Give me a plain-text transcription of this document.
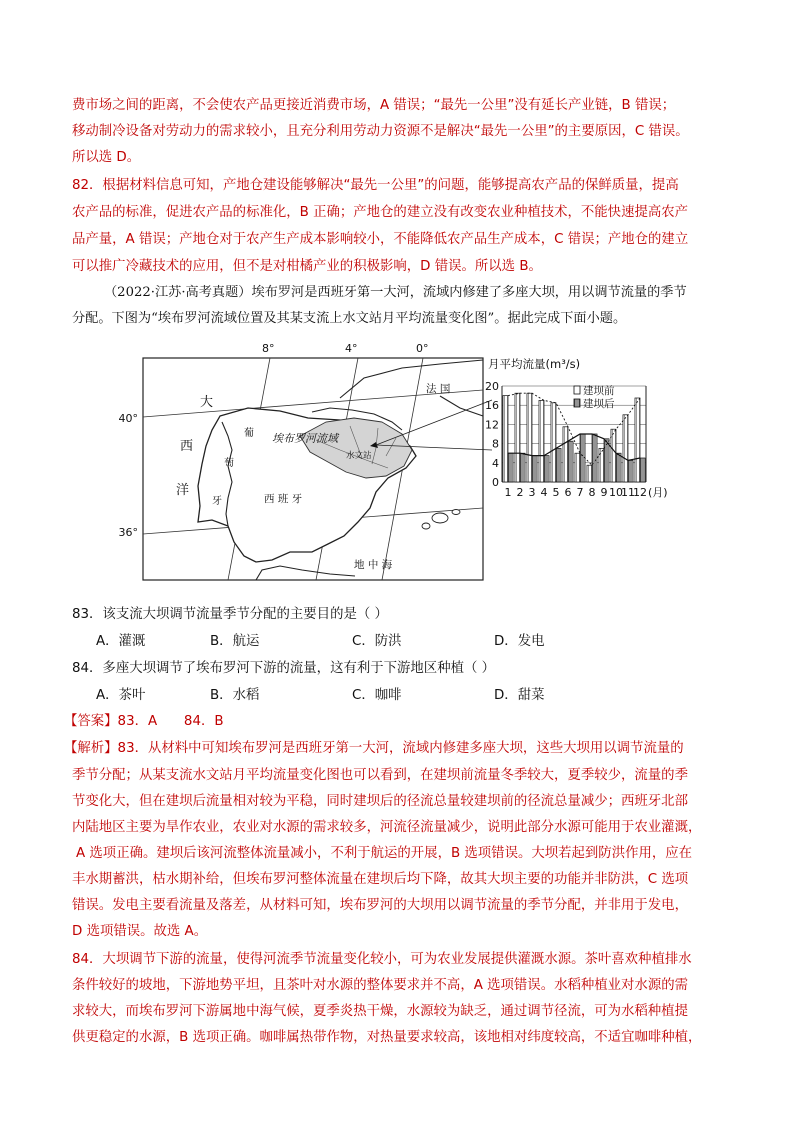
费市场之间的距离，不会使农产品更接近消费市场，A 错误；“最先一公里”没有延长产业链，B 错误；
移动制冷设备对劳动力的需求较小，且充分利用劳动力资源不是解决“最先一公里”的主要原因，C 错误。
所以选 D。
82．根据材料信息可知，产地仓建设能够解决“最先一公里”的问题，能够提高农产品的保鲜质量，提高
农产品的标准，促进农产品的标准化，B 正确；产地仓的建立没有改变农业种植技术，不能快速提高农产
品产量，A 错误；产地仓对于农产生产成本影响较小，不能降低农产品生产成本，C 错误；产地仓的建立
可以推广冷藏技术的应用，但不是对柑橘产业的积极影响，D 错误。所以选 B。
（2022·江苏·高考真题）埃布罗河是西班牙第一大河，流域内修建了多座大坝，用以调节流量的季节
分配。下图为“埃布罗河流域位置及其某支流上水文站月平均流量变化图”。据此完成下面小题。
8°	4°	0°
40°
36°
大
西
洋
葡
萄
牙	西 班 牙
法 国
埃布罗河流域
水文站
地 中 海
月平均流量(m³/s)
0
4
8
12
16
20
1 2 3 4 5 6 7 8 9 10
11
12 (月)
建坝前
建坝后
83．该支流大坝调节流量季节分配的主要目的是（ ）
A．灌溉	B．航运	C．防洪	D．发电
84．多座大坝调节了埃布罗河下游的流量，这有利于下游地区种植（ ）
A．茶叶	B．水稻	C．咖啡	D．甜菜
【答案】83．A　　84．B
【解析】83．从材料中可知埃布罗河是西班牙第一大河，流域内修建多座大坝，这些大坝用以调节流量的
季节分配；从某支流水文站月平均流量变化图也可以看到，在建坝前流量冬季较大，夏季较少，流量的季
节变化大，但在建坝后流量相对较为平稳，同时建坝后的径流总量较建坝前的径流总量减少；西班牙北部
内陆地区主要为旱作农业，农业对水源的需求较多，河流径流量减少，说明此部分水源可能用于农业灌溉，
A 选项正确。建坝后该河流整体流量减小，不利于航运的开展，B 选项错误。大坝若起到防洪作用，应在
丰水期蓄洪，枯水期补给，但埃布罗河整体流量在建坝后均下降，故其大坝主要的功能并非防洪，C 选项
错误。发电主要看流量及落差，从材料可知，埃布罗河的大坝用以调节流量的季节分配，并非用于发电，
D 选项错误。故选 A。
84．大坝调节下游的流量，使得河流季节流量变化较小，可为农业发展提供灌溉水源。茶叶喜欢种植排水
条件较好的坡地，下游地势平坦，且茶叶对水源的整体要求并不高，A 选项错误。水稻种植业对水源的需
求较大，而埃布罗河下游属地中海气候，夏季炎热干燥，水源较为缺乏，通过调节径流，可为水稻种植提
供更稳定的水源，B 选项正确。咖啡属热带作物，对热量要求较高，该地相对纬度较高，不适宜咖啡种植，
